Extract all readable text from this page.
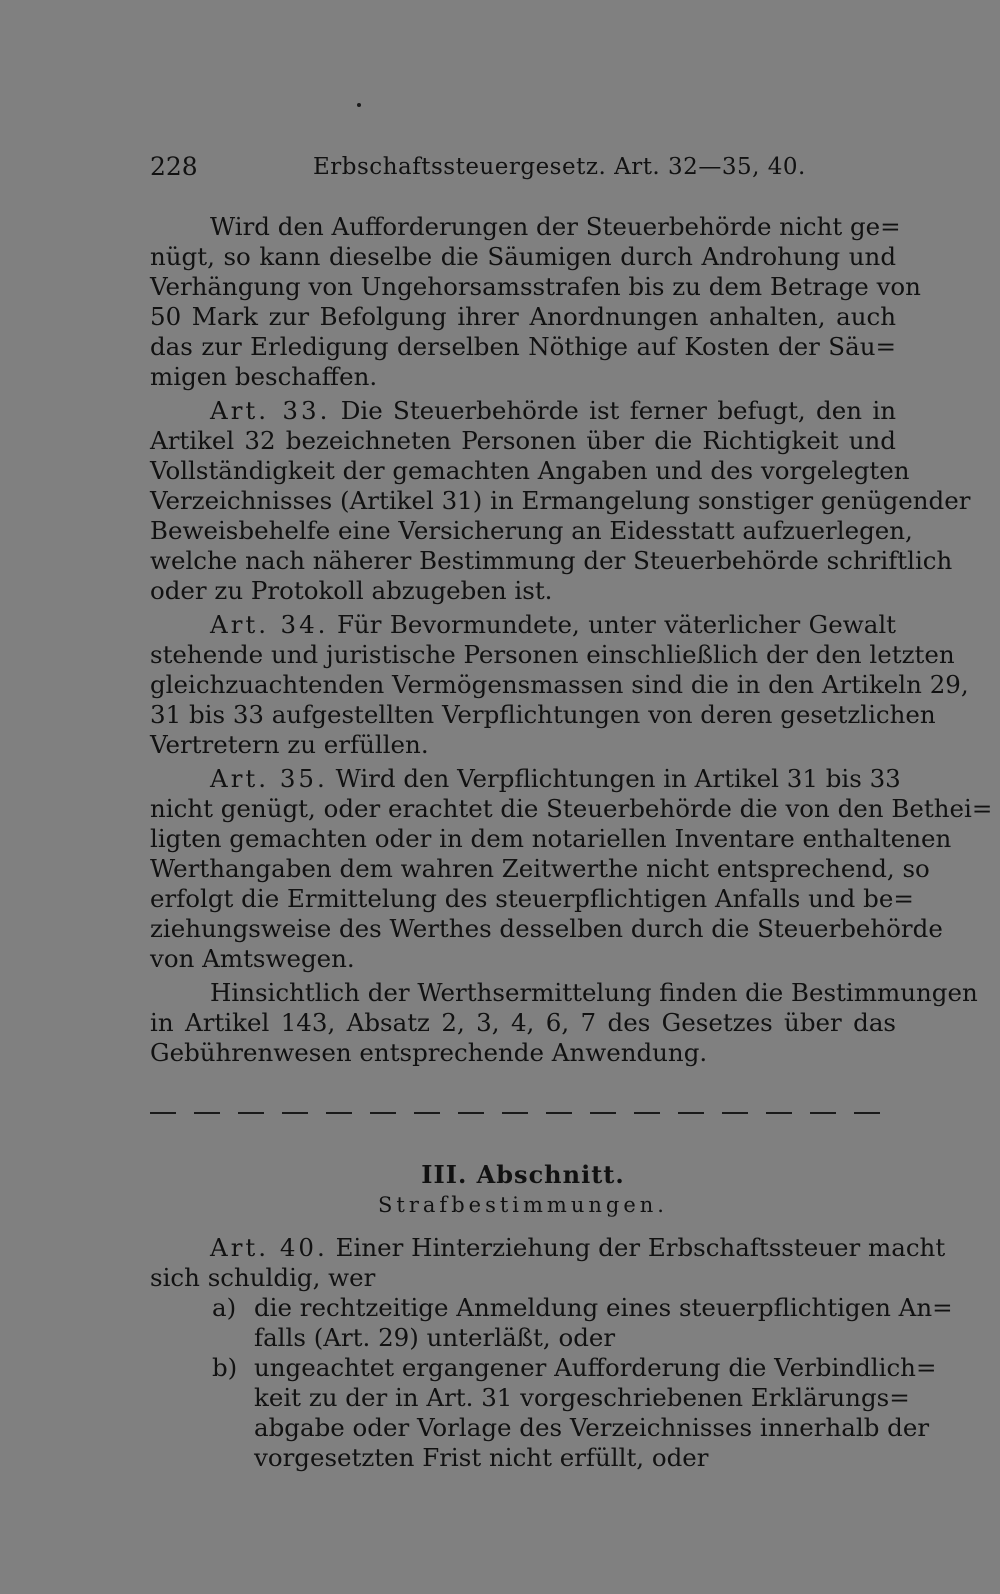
228	Erbschaftssteuergesetz. Art. 32—35, 40.
Wird den Aufforderungen der Steuerbehörde nicht ge=
nügt, so kann dieselbe die Säumigen durch Androhung und
Verhängung von Ungehorsamsstrafen bis zu dem Betrage von
50 Mark zur Befolgung ihrer Anordnungen anhalten, auch
das zur Erledigung derselben Nöthige auf Kosten der Säu=
migen beschaffen.
Art. 33. Die Steuerbehörde ist ferner befugt, den in
Artikel 32 bezeichneten Personen über die Richtigkeit und
Vollständigkeit der gemachten Angaben und des vorgelegten
Verzeichnisses (Artikel 31) in Ermangelung sonstiger genügender
Beweisbehelfe eine Versicherung an Eidesstatt aufzuerlegen,
welche nach näherer Bestimmung der Steuerbehörde schriftlich
oder zu Protokoll abzugeben ist.
Art. 34. Für Bevormundete, unter väterlicher Gewalt
stehende und juristische Personen einschließlich der den letzten
gleichzuachtenden Vermögensmassen sind die in den Artikeln 29,
31 bis 33 aufgestellten Verpflichtungen von deren gesetzlichen
Vertretern zu erfüllen.
Art. 35. Wird den Verpflichtungen in Artikel 31 bis 33
nicht genügt, oder erachtet die Steuerbehörde die von den Bethei=
ligten gemachten oder in dem notariellen Inventare enthaltenen
Werthangaben dem wahren Zeitwerthe nicht entsprechend, so
erfolgt die Ermittelung des steuerpflichtigen Anfalls und be=
ziehungsweise des Werthes desselben durch die Steuerbehörde
von Amtswegen.
Hinsichtlich der Werthsermittelung finden die Bestimmungen
in Artikel 143, Absatz 2, 3, 4, 6, 7 des Gesetzes über das
Gebührenwesen entsprechende Anwendung.
III. Abschnitt.
Strafbestimmungen.
Art. 40. Einer Hinterziehung der Erbschaftssteuer macht
sich schuldig, wer
a) die rechtzeitige Anmeldung eines steuerpflichtigen An=
falls (Art. 29) unterläßt, oder
b) ungeachtet ergangener Aufforderung die Verbindlich=
keit zu der in Art. 31 vorgeschriebenen Erklärungs=
abgabe oder Vorlage des Verzeichnisses innerhalb der
vorgesetzten Frist nicht erfüllt, oder
